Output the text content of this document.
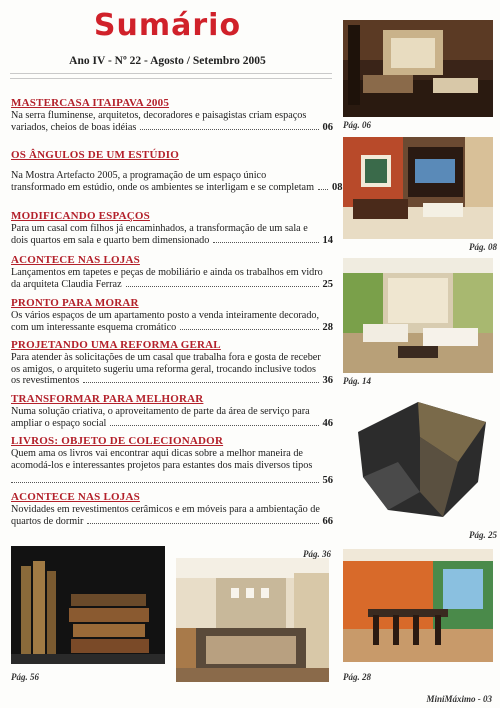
Sumário
Ano IV - Nº 22 - Agosto / Setembro 2005
MASTERCASA ITAIPAVA 2005
Na serra fluminense, arquitetos, decoradores e paisagistas criam espaços
variados, cheios de boas idéias	06
OS ÂNGULOS DE UM ESTÚDIO
Na Mostra Artefacto 2005, a programação de um espaço único
transformado em estúdio, onde os ambientes se interligam e se completam 08
MODIFICANDO ESPAÇOS
Para um casal com filhos já encaminhados, a transformação de um sala e
dois quartos em sala e quarto bem dimensionado	14
ACONTECE NAS LOJAS
Lançamentos em tapetes e peças de mobiliário e ainda os trabalhos em vidro
da arquiteta Claudia Ferraz	25
PRONTO PARA MORAR
Os vários espaços de um apartamento posto a venda inteiramente decorado,
com um interessante esquema cromático	28
PROJETANDO UMA REFORMA GERAL
Para atender às solicitações de um casal que trabalha fora e gosta de receber
os amigos, o arquiteto sugeriu uma reforma geral, trocando inclusive todos
os revestimentos	36
TRANSFORMAR PARA MELHORAR
Numa solução criativa, o aproveitamento de parte da área de serviço para
ampliar o espaço social	46
LIVROS: OBJETO DE COLECIONADOR
Quem ama os livros vai encontrar aqui dicas sobre a melhor maneira de
acomodá-los e interessantes projetos para estantes dos mais diversos tipos
56
ACONTECE NAS LOJAS
Novidades em revestimentos cerâmicos e em móveis para a ambientação de
quartos de dormir	66
Pág. 06
Pág. 08
Pág. 14
Pág. 25
Pág. 56
Pág. 36
Pág. 28
MiniMáximo - 03
